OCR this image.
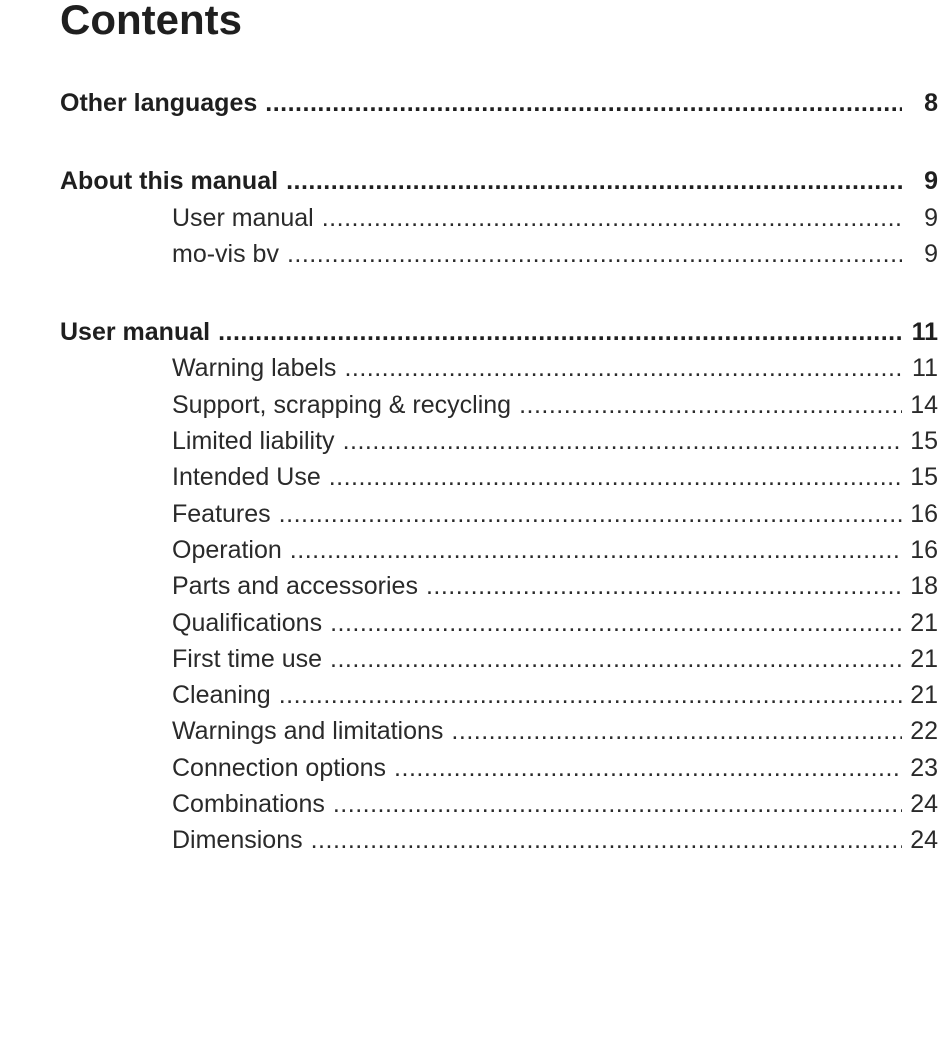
Contents
Other languages .....	8
About this manual .....	9
User manual .....	9
mo-vis bv .....	9
User manual .....	11
Warning labels .....	11
Support, scrapping & recycling .....	14
Limited liability .....	15
Intended Use .....	15
Features .....	16
Operation .....	16
Parts and accessories .....	18
Qualifications .....	21
First time use .....	21
Cleaning .....	21
Warnings and limitations .....	22
Connection options .....	23
Combinations .....	24
Dimensions .....	24
